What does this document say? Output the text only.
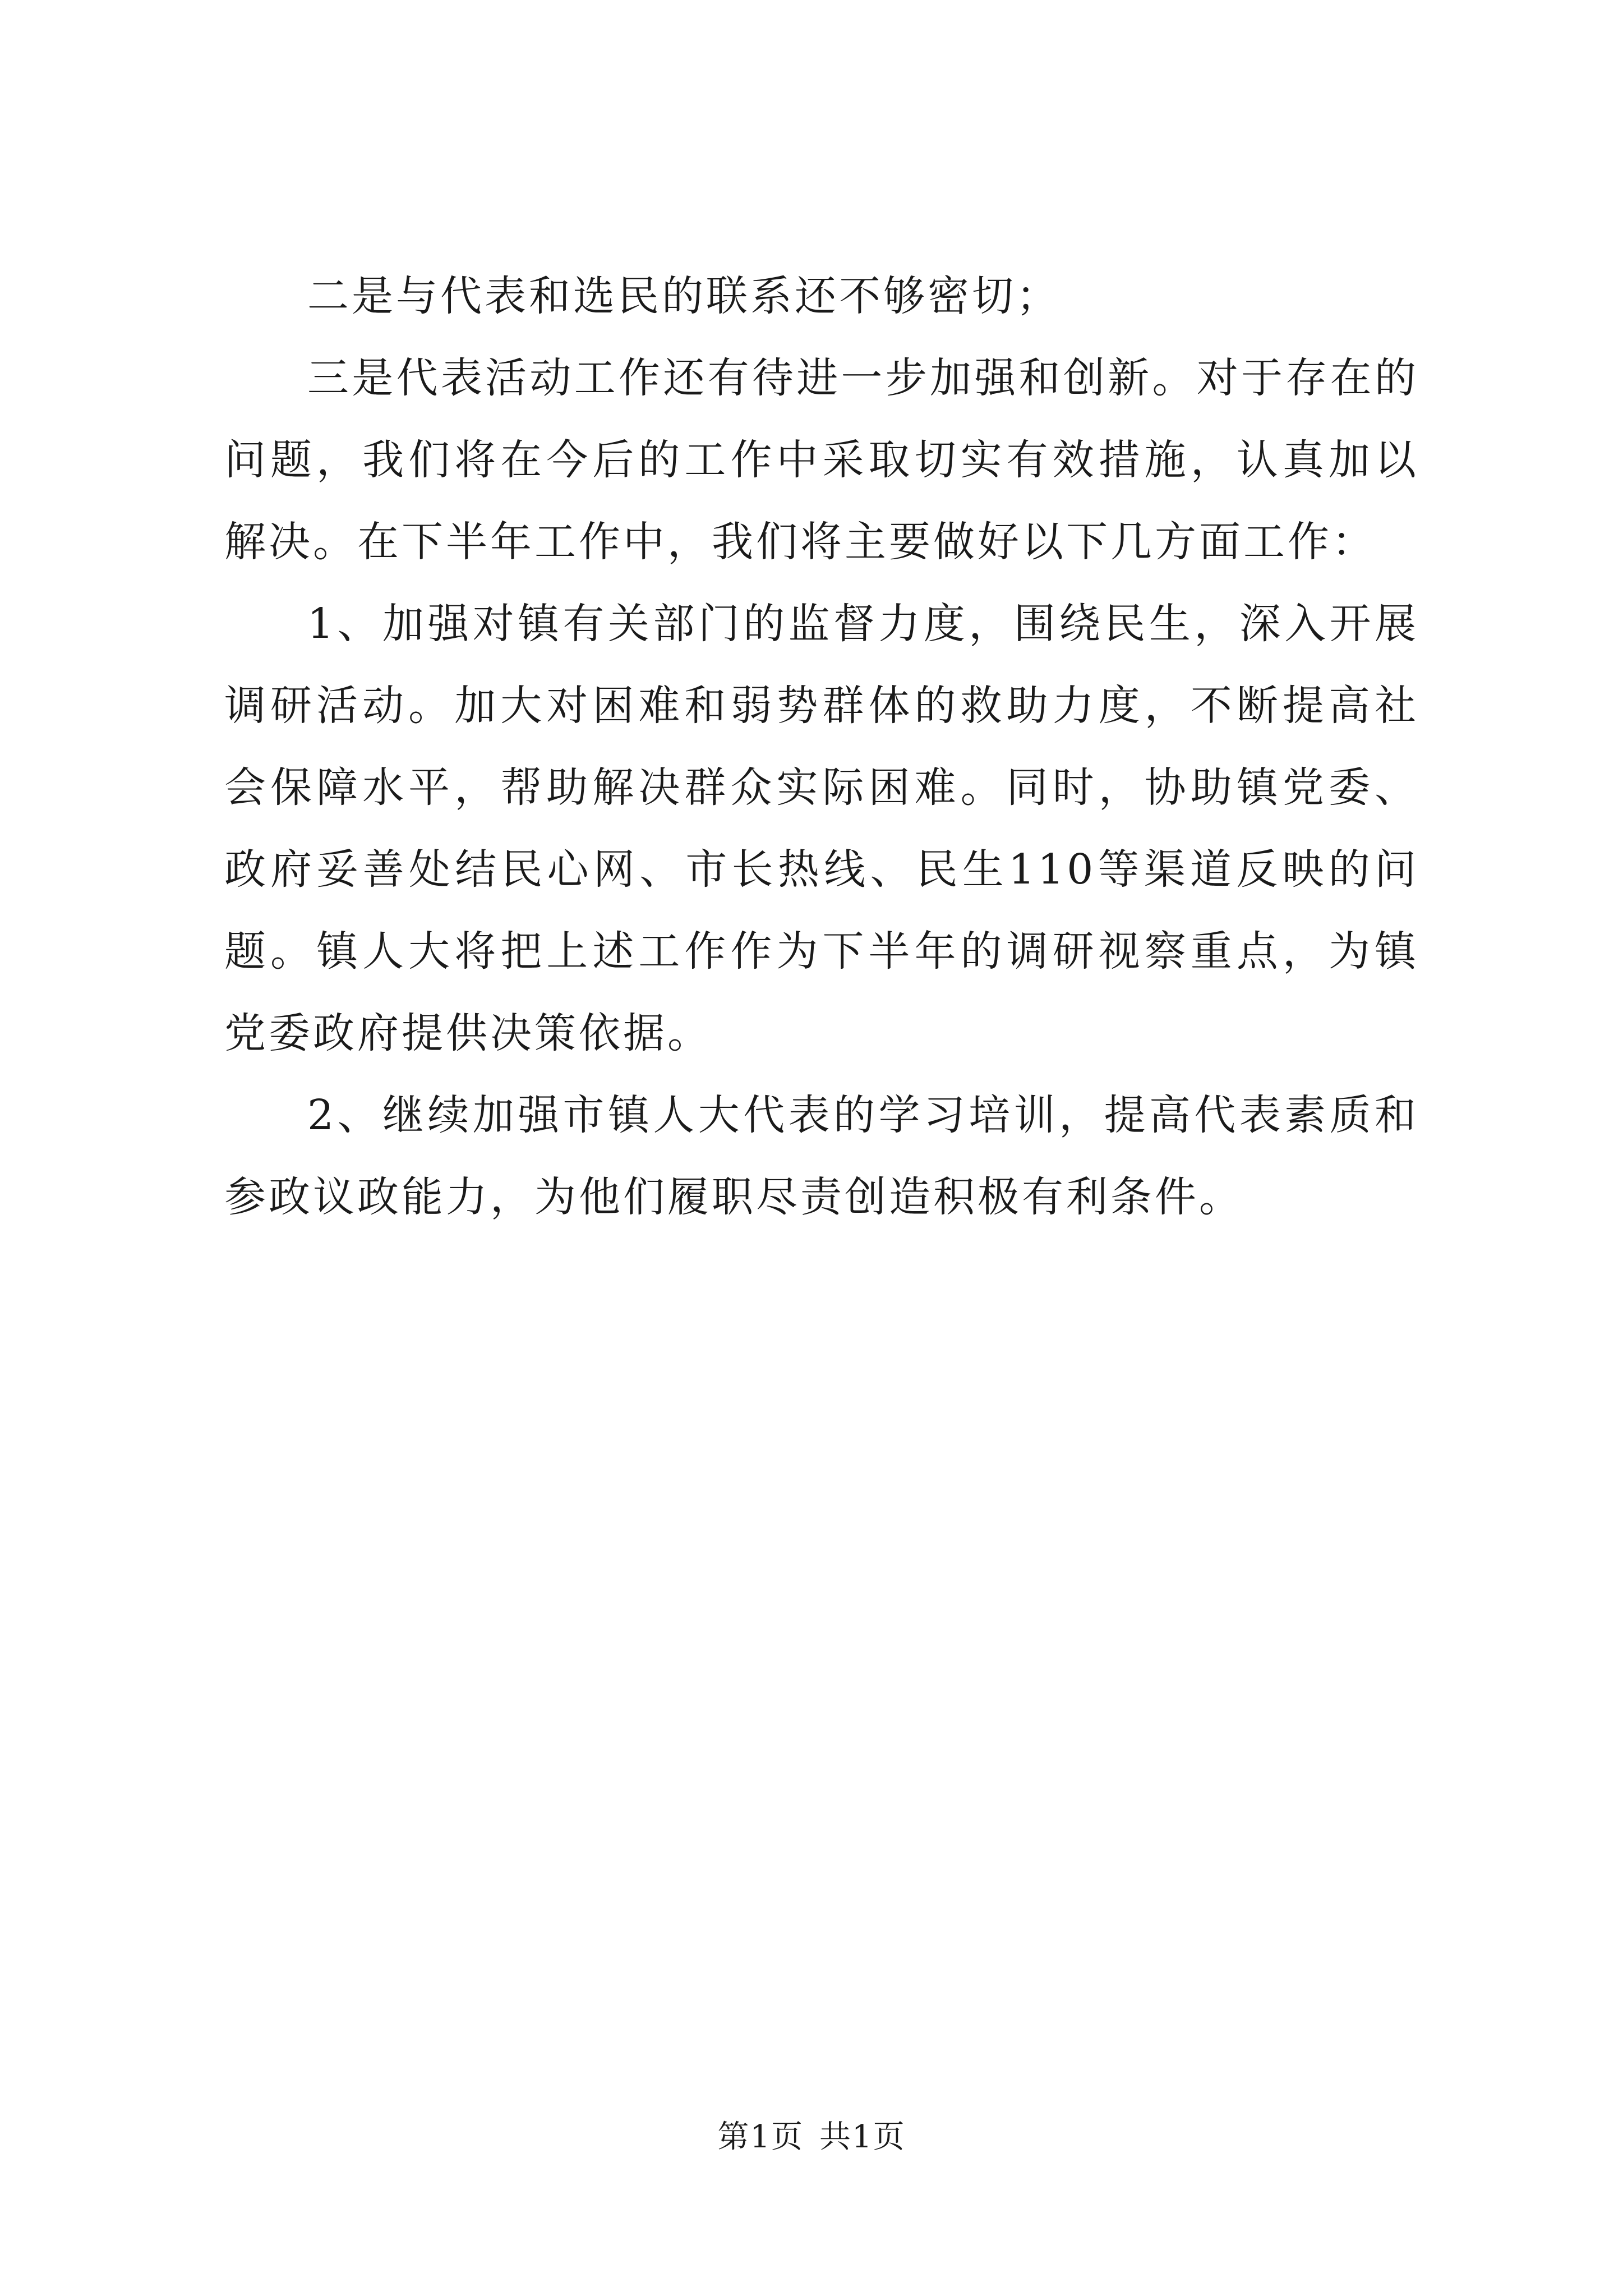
二是与代表和选民的联系还不够密切；

三是代表活动工作还有待进一步加强和创新。对于存在的问题，我们将在今后的工作中采取切实有效措施，认真加以解决。在下半年工作中，我们将主要做好以下几方面工作：

1、加强对镇有关部门的监督力度，围绕民生，深入开展调研活动。加大对困难和弱势群体的救助力度，不断提高社会保障水平，帮助解决群众实际困难。同时，协助镇党委、政府妥善处结民心网、市长热线、民生110等渠道反映的问题。镇人大将把上述工作作为下半年的调研视察重点，为镇党委政府提供决策依据。

2、继续加强市镇人大代表的学习培训，提高代表素质和参政议政能力，为他们履职尽责创造积极有利条件。

第1页 共1页
